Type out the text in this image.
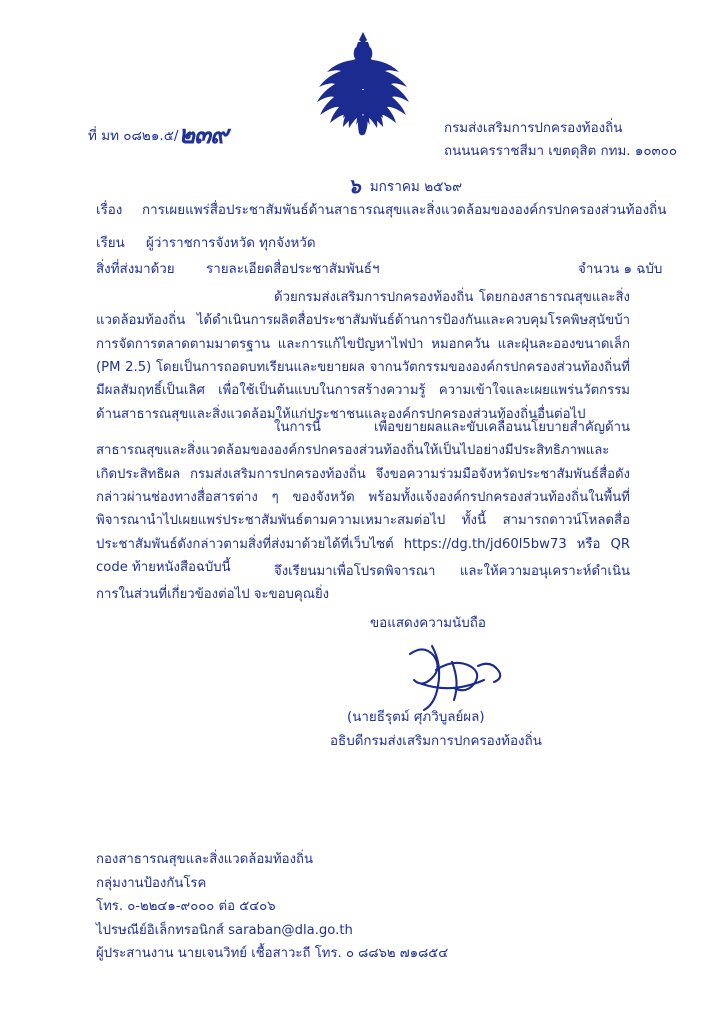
ที่ มท ๐๘๒๑.๕/๒๓๙	กรมส่งเสริมการปกครองท้องถิ่น
ถนนนครราชสีมา เขตดุสิต กทม. ๑๐๓๐๐
๖ มกราคม ๒๕๖๙
เรื่อง การเผยแพร่สื่อประชาสัมพันธ์ด้านสาธารณสุขและสิ่งแวดล้อมขององค์กรปกครองส่วนท้องถิ่น
เรียน ผู้ว่าราชการจังหวัด ทุกจังหวัด
สิ่งที่ส่งมาด้วย รายละเอียดสื่อประชาสัมพันธ์ฯ	จำนวน ๑ ฉบับ
ด้วยกรมส่งเสริมการปกครองท้องถิ่น โดยกองสาธารณสุขและสิ่งแวดล้อมท้องถิ่น ได้ดำเนินการผลิตสื่อประชาสัมพันธ์ด้านการป้องกันและควบคุมโรคพิษสุนัขบ้า การจัดการตลาดตามมาตรฐาน และการแก้ไขปัญหาไฟป่า หมอกควัน และฝุ่นละอองขนาดเล็ก (PM 2.5) โดยเป็นการถอดบทเรียนและขยายผล จากนวัตกรรมขององค์กรปกครองส่วนท้องถิ่นที่มีผลสัมฤทธิ์เป็นเลิศ เพื่อใช้เป็นต้นแบบในการสร้างความรู้ ความเข้าใจและเผยแพร่นวัตกรรมด้านสาธารณสุขและสิ่งแวดล้อมให้แก่ประชาชนและองค์กรปกครองส่วนท้องถิ่นอื่นต่อไป
ในการนี้ เพื่อขยายผลและขับเคลื่อนนโยบายสำคัญด้านสาธารณสุขและสิ่งแวดล้อมขององค์กรปกครองส่วนท้องถิ่นให้เป็นไปอย่างมีประสิทธิภาพและเกิดประสิทธิผล กรมส่งเสริมการปกครองท้องถิ่น จึงขอความร่วมมือจังหวัดประชาสัมพันธ์สื่อดังกล่าวผ่านช่องทางสื่อสารต่าง ๆ ของจังหวัด พร้อมทั้งแจ้งองค์กรปกครองส่วนท้องถิ่นในพื้นที่พิจารณานำไปเผยแพร่ประชาสัมพันธ์ตามความเหมาะสมต่อไป ทั้งนี้ สามารถดาวน์โหลดสื่อประชาสัมพันธ์ดังกล่าวตามสิ่งที่ส่งมาด้วยได้ที่เว็บไซต์ https://dg.th/jd60l5bw73 หรือ QR code ท้ายหนังสือฉบับนี้	จึงเรียนมาเพื่อโปรดพิจารณา และให้ความอนุเคราะห์ดำเนินการในส่วนที่เกี่ยวข้องต่อไป จะขอบคุณยิ่ง
ขอแสดงความนับถือ
(นายธีรุตม์ ศุภวิบูลย์ผล)
อธิบดีกรมส่งเสริมการปกครองท้องถิ่น
กองสาธารณสุขและสิ่งแวดล้อมท้องถิ่น
กลุ่มงานป้องกันโรค
โทร. ๐-๒๒๔๑-๙๐๐๐ ต่อ ๕๔๐๖
ไปรษณีย์อิเล็กทรอนิกส์ saraban@dla.go.th
ผู้ประสานงาน นายเจนวิทย์ เชื้อสาวะถี โทร. ๐ ๘๘๖๒ ๗๑๘๕๔
